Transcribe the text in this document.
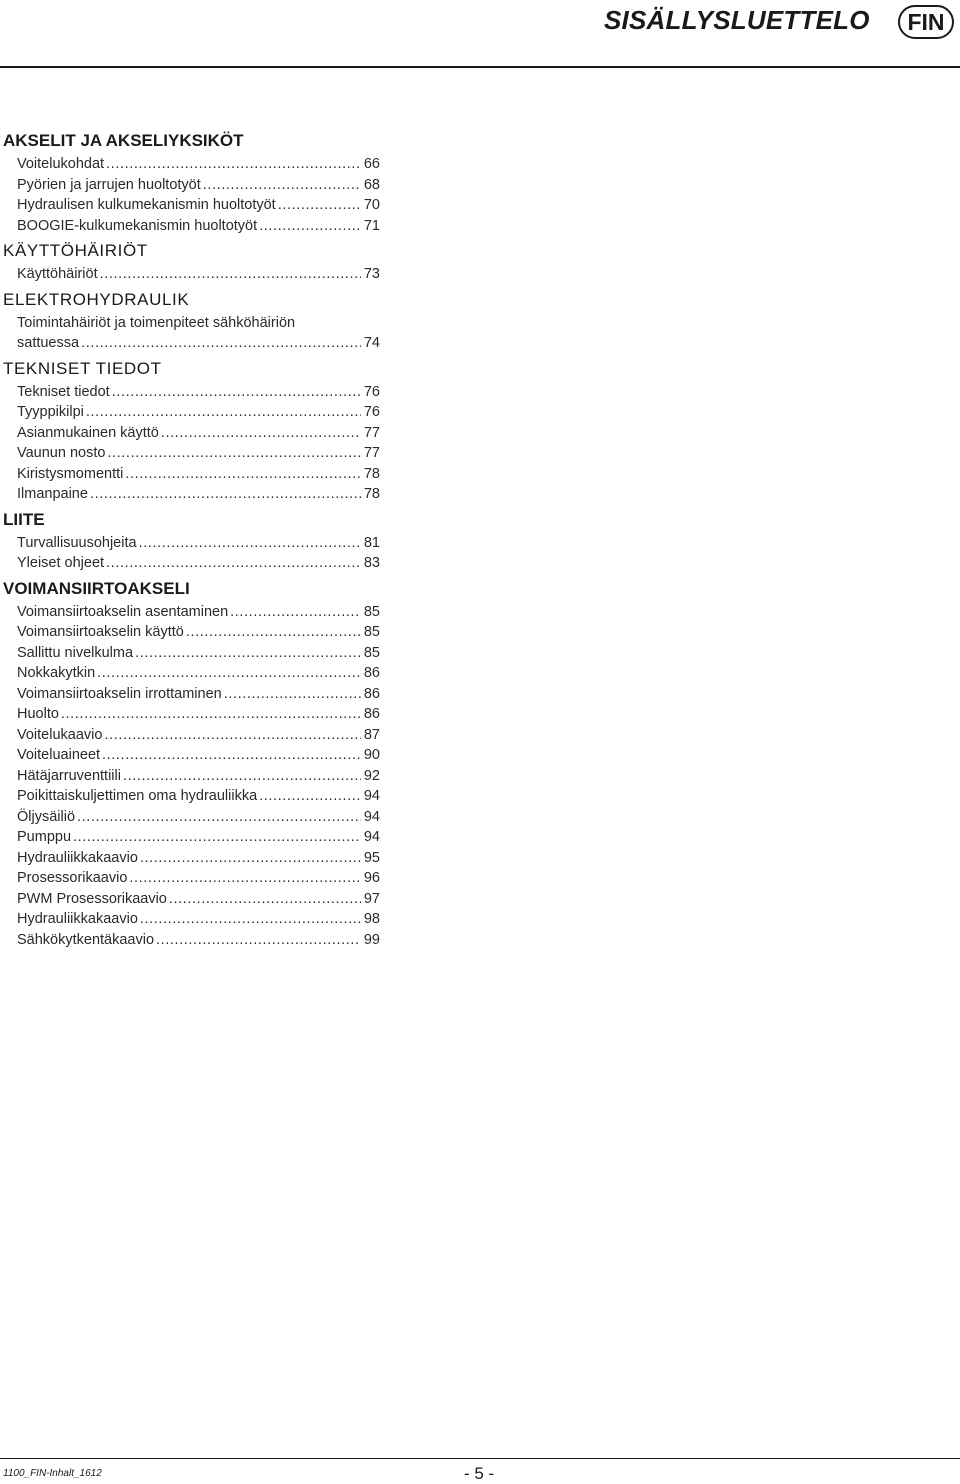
SISÄLLYSLUETTELO	FIN
AKSELIT JA AKSELIYKSIKÖT
Voitelukohdat .....	66
Pyörien ja jarrujen huoltotyöt .....	68
Hydraulisen kulkumekanismin huoltotyöt .....	70
BOOGIE-kulkumekanismin huoltotyöt .....	71
KÄYTTÖHÄIRIÖT
Käyttöhäiriöt .....	73
ELEKTROHYDRAULIK
Toimintahäiriöt ja toimenpiteet sähköhäiriön
sattuessa .....	74
TEKNISET TIEDOT
Tekniset tiedot .....	76
Tyyppikilpi .....	76
Asianmukainen käyttö .....	77
Vaunun nosto .....	77
Kiristysmomentti .....	78
Ilmanpaine .....	78
LIITE
Turvallisuusohjeita .....	81
Yleiset ohjeet .....	83
VOIMANSIIRTOAKSELI
Voimansiirtoakselin asentaminen .....	85
Voimansiirtoakselin käyttö .....	85
Sallittu nivelkulma .....	85
Nokkakytkin .....	86
Voimansiirtoakselin irrottaminen .....	86
Huolto .....	86
Voitelukaavio .....	87
Voiteluaineet .....	90
Hätäjarruventtiili .....	92
Poikittaiskuljettimen oma hydrauliikka .....	94
Öljysäiliö .....	94
Pumppu .....	94
Hydrauliikkakaavio .....	95
Prosessorikaavio .....	96
PWM Prosessorikaavio .....	97
Hydrauliikkakaavio .....	98
Sähkökytkentäkaavio .....	99
1100_FIN-Inhalt_1612	- 5 -
